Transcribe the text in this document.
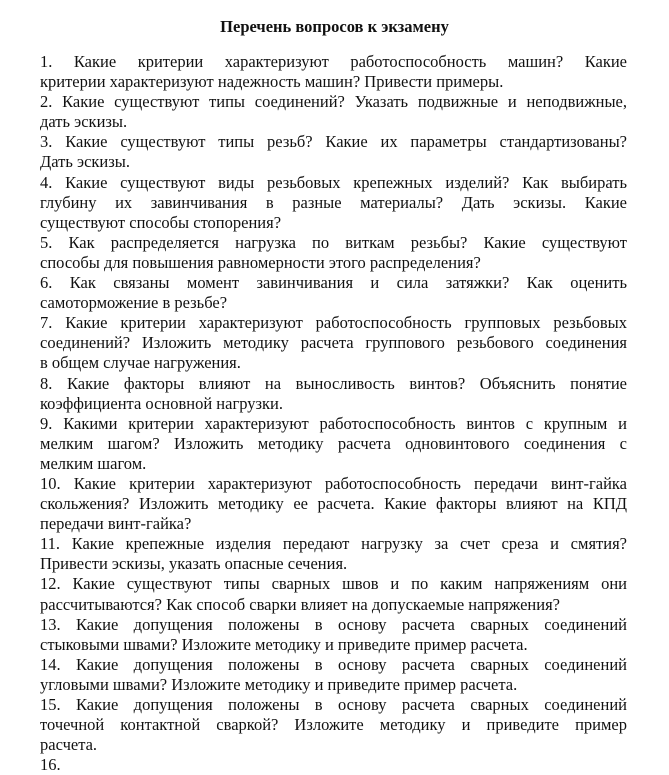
Перечень вопросов к экзамену
1. Какие критерии характеризуют работоспособность машин? Какие
критерии характеризуют надежность машин? Привести примеры.
2. Какие существуют типы соединений? Указать подвижные и неподвижные,
дать эскизы.
3. Какие существуют типы резьб? Какие их параметры стандартизованы?
Дать эскизы.
4. Какие существуют виды резьбовых крепежных изделий? Как выбирать
глубину их завинчивания в разные материалы? Дать эскизы. Какие
существуют способы стопорения?
5. Как распределяется нагрузка по виткам резьбы? Какие существуют
способы для повышения равномерности этого распределения?
6. Как связаны момент завинчивания и сила затяжки? Как оценить
самоторможение в резьбе?
7. Какие критерии характеризуют работоспособность групповых резьбовых
соединений? Изложить методику расчета группового резьбового соединения
в общем случае нагружения.
8. Какие факторы влияют на выносливость винтов? Объяснить понятие
коэффициента основной нагрузки.
9. Какими критерии характеризуют работоспособность винтов с крупным и
мелким шагом? Изложить методику расчета одновинтового соединения с
мелким шагом.
10. Какие критерии характеризуют работоспособность передачи винт-гайка
скольжения? Изложить методику ее расчета. Какие факторы влияют на КПД
передачи винт-гайка?
11. Какие крепежные изделия передают нагрузку за счет среза и смятия?
Привести эскизы, указать опасные сечения.
12. Какие существуют типы сварных швов и по каким напряжениям они
рассчитываются? Как способ сварки влияет на допускаемые напряжения?
13. Какие допущения положены в основу расчета сварных соединений
стыковыми швами? Изложите методику и приведите пример расчета.
14. Какие допущения положены в основу расчета сварных соединений
угловыми швами? Изложите методику и приведите пример расчета.
15. Какие допущения положены в основу расчета сварных соединений
точечной контактной сваркой? Изложите методику и приведите пример
расчета.
16.
